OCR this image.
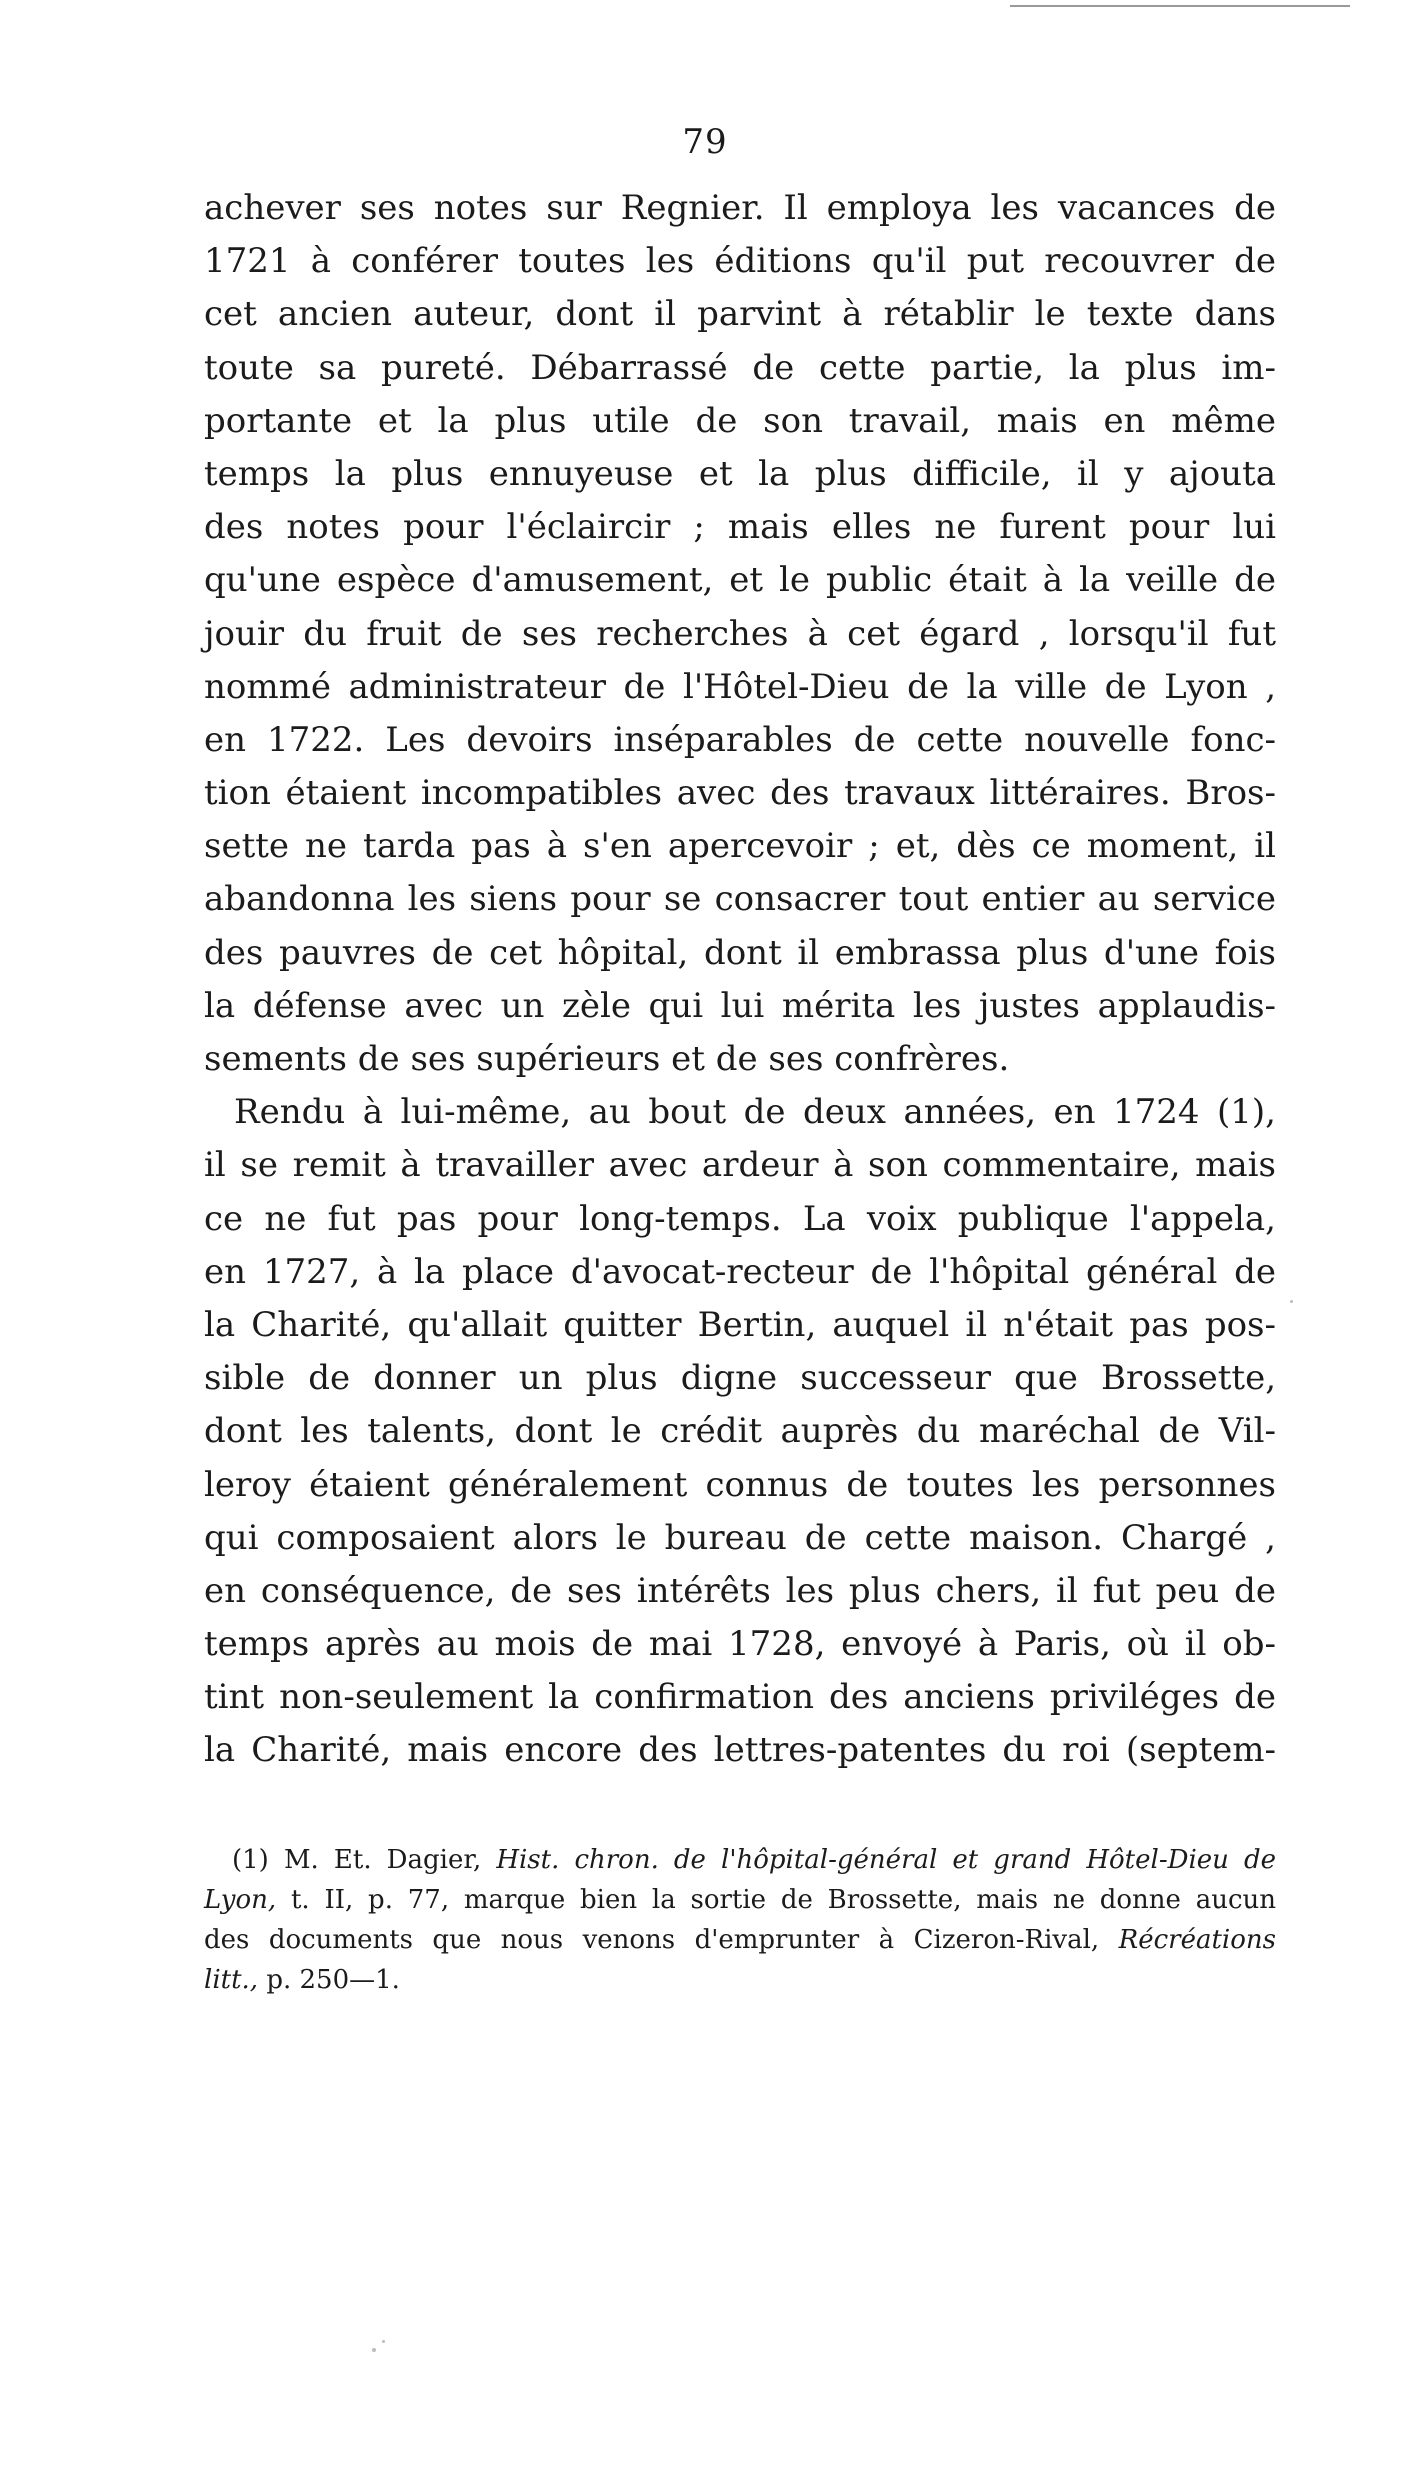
79
achever ses notes sur Regnier. Il employa les vacances de
1721 à conférer toutes les éditions qu'il put recouvrer de
cet ancien auteur, dont il parvint à rétablir le texte dans
toute sa pureté. Débarrassé de cette partie, la plus im-
portante et la plus utile de son travail, mais en même
temps la plus ennuyeuse et la plus difficile, il y ajouta
des notes pour l'éclaircir ; mais elles ne furent pour lui
qu'une espèce d'amusement, et le public était à la veille de
jouir du fruit de ses recherches à cet égard , lorsqu'il fut
nommé administrateur de l'Hôtel-Dieu de la ville de Lyon ,
en 1722. Les devoirs inséparables de cette nouvelle fonc-
tion étaient incompatibles avec des travaux littéraires. Bros-
sette ne tarda pas à s'en apercevoir ; et, dès ce moment, il
abandonna les siens pour se consacrer tout entier au service
des pauvres de cet hôpital, dont il embrassa plus d'une fois
la défense avec un zèle qui lui mérita les justes applaudis-
sements de ses supérieurs et de ses confrères.
Rendu à lui-même, au bout de deux années, en 1724 (1),
il se remit à travailler avec ardeur à son commentaire, mais
ce ne fut pas pour long-temps. La voix publique l'appela,
en 1727, à la place d'avocat-recteur de l'hôpital général de
la Charité, qu'allait quitter Bertin, auquel il n'était pas pos-
sible de donner un plus digne successeur que Brossette,
dont les talents, dont le crédit auprès du maréchal de Vil-
leroy étaient généralement connus de toutes les personnes
qui composaient alors le bureau de cette maison. Chargé ,
en conséquence, de ses intérêts les plus chers, il fut peu de
temps après au mois de mai 1728, envoyé à Paris, où il ob-
tint non-seulement la confirmation des anciens priviléges de
la Charité, mais encore des lettres-patentes du roi (septem-
(1) M. Et. Dagier, Hist. chron. de l'hôpital-général et grand Hôtel-Dieu de
Lyon, t. II, p. 77, marque bien la sortie de Brossette, mais ne donne aucun
des documents que nous venons d'emprunter à Cizeron-Rival, Récréations
litt., p. 250—1.
